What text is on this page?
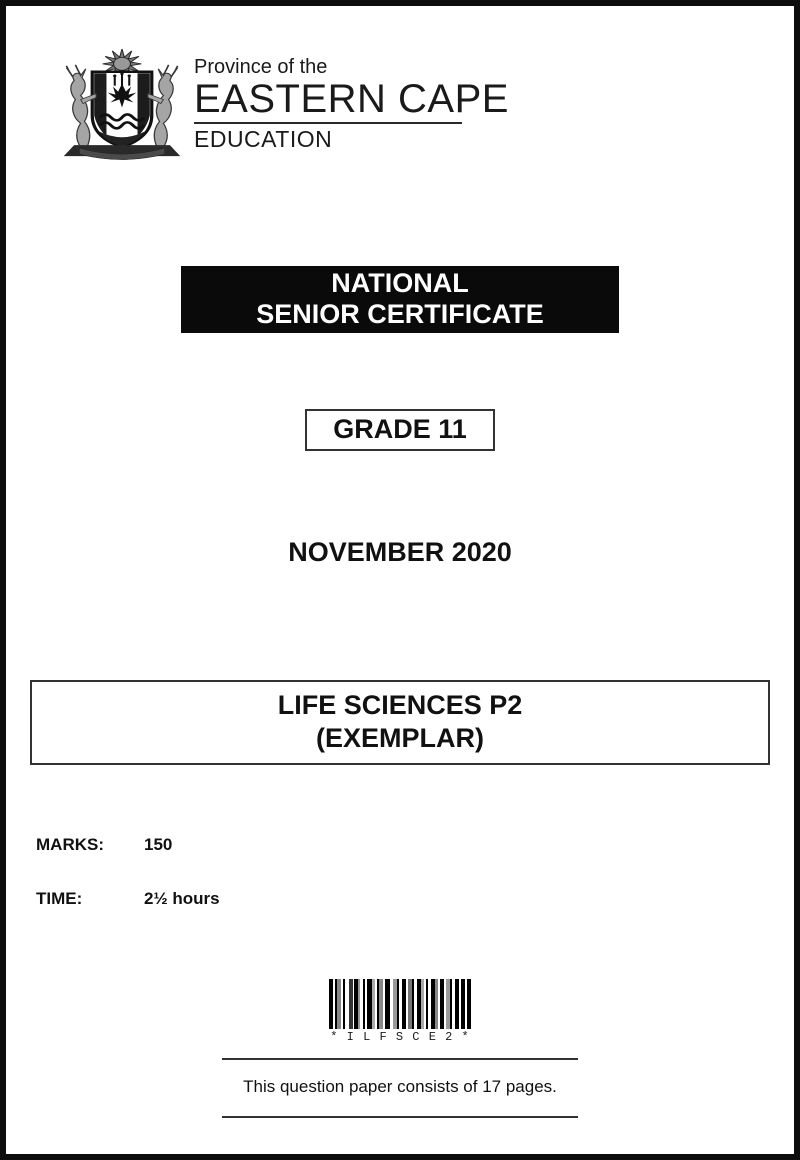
Province of the
EASTERN CAPE
EDUCATION
NATIONAL
SENIOR CERTIFICATE
GRADE 11
NOVEMBER 2020
LIFE SCIENCES P2
(EXEMPLAR)
MARKS:	150
TIME:	2½ hours
* I L F S C E 2 *
This question paper consists of 17 pages.
